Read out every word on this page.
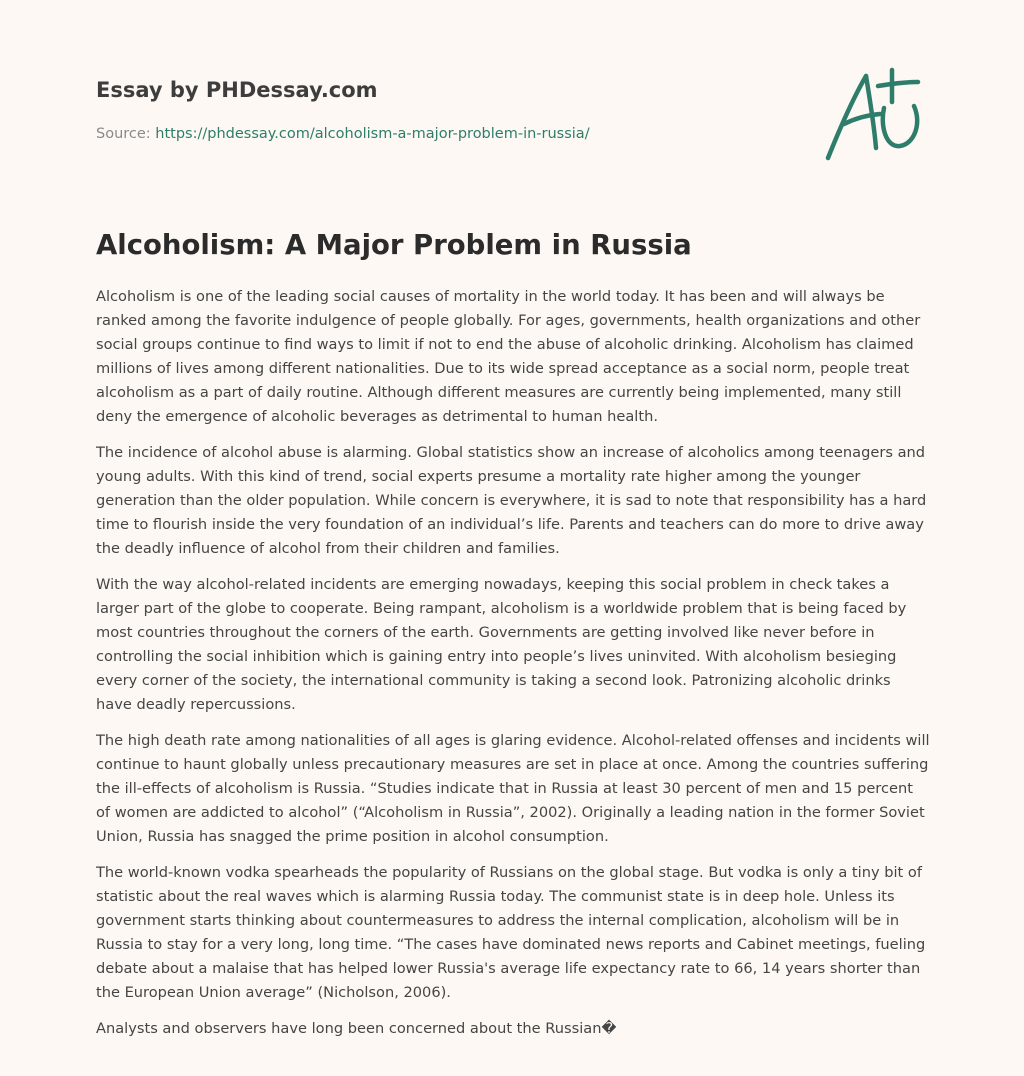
Essay by PHDessay.com
Source: https://phdessay.com/alcoholism-a-major-problem-in-russia/
Alcoholism: A Major Problem in Russia

Alcoholism is one of the leading social causes of mortality in the world today. It has been and will always be ranked among the favorite indulgence of people globally. For ages, governments, health organizations and other social groups continue to find ways to limit if not to end the abuse of alcoholic drinking. Alcoholism has claimed millions of lives among different nationalities. Due to its wide spread acceptance as a social norm, people treat alcoholism as a part of daily routine. Although different measures are currently being implemented, many still deny the emergence of alcoholic beverages as detrimental to human health.

The incidence of alcohol abuse is alarming. Global statistics show an increase of alcoholics among teenagers and young adults. With this kind of trend, social experts presume a mortality rate higher among the younger generation than the older population. While concern is everywhere, it is sad to note that responsibility has a hard time to flourish inside the very foundation of an individual’s life. Parents and teachers can do more to drive away the deadly influence of alcohol from their children and families.

With the way alcohol-related incidents are emerging nowadays, keeping this social problem in check takes a larger part of the globe to cooperate. Being rampant, alcoholism is a worldwide problem that is being faced by most countries throughout the corners of the earth. Governments are getting involved like never before in controlling the social inhibition which is gaining entry into people’s lives uninvited. With alcoholism besieging every corner of the society, the international community is taking a second look. Patronizing alcoholic drinks have deadly repercussions.

The high death rate among nationalities of all ages is glaring evidence. Alcohol-related offenses and incidents will continue to haunt globally unless precautionary measures are set in place at once. Among the countries suffering the ill-effects of alcoholism is Russia. “Studies indicate that in Russia at least 30 percent of men and 15 percent of women are addicted to alcohol” (“Alcoholism in Russia”, 2002). Originally a leading nation in the former Soviet Union, Russia has snagged the prime position in alcohol consumption.

The world-known vodka spearheads the popularity of Russians on the global stage. But vodka is only a tiny bit of statistic about the real waves which is alarming Russia today. The communist state is in deep hole. Unless its government starts thinking about countermeasures to address the internal complication, alcoholism will be in Russia to stay for a very long, long time. “The cases have dominated news reports and Cabinet meetings, fueling debate about a malaise that has helped lower Russia's average life expectancy rate to 66, 14 years shorter than the European Union average” (Nicholson, 2006).

Analysts and observers have long been concerned about the Russian�
